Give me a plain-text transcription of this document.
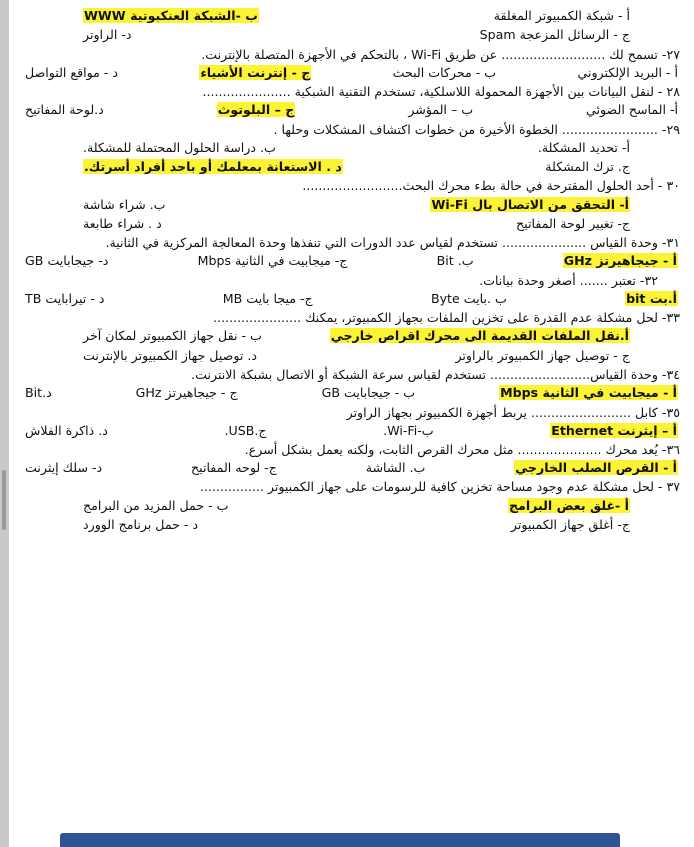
أ - شبكة الكمبيوتر المغلقة
ب -الشبكة العنكبوتية WWW
ج - الرسائل المزعجة Spam
د- الراوتر
٢٧- تسمح لك .......................... عن طريق Wi-Fi ، بالتحكم في الأجهزة المتصلة بالإنترنت.
أ - البريد الإلكتروني
ب - محركات البحث
ج - إنترنت الأشياء
د - مواقع التواصل
٢٨ - لنقل البيانات بين الأجهزة المحمولة اللاسلكية، تستخدم التقنية الشبكية ......................
أ- الماسح الضوئي
ب – المؤشر
ج – البلوتوث
د.لوحة المفاتيح
٢٩- ........................ الخطوة الأخيرة من خطوات اكتشاف المشكلات وحلها .
أ- تحديد المشكلة.
ب. دراسة الحلول المحتملة للمشكلة.
ج. ترك المشكلة
د . الاستعانة بمعلمك أو باحد أفراد أسرتك.
٣٠ - أحد الحلول المقترحة في حالة بطء محرك البحث.........................
أ- التحقق من الاتصال بال Wi-Fi
ب. شراء شاشة
ج- تغيير لوحة المفاتيح
د . شراء طابعة
٣١- وحدة القياس ..................... تستخدم لقياس عدد الدورات التي تنفذها وحدة المعالجة المركزية في الثانية.
أ - جيجاهيرتز GHz
ب. Bit
ج- ميجابيت في الثانية Mbps
د- جيجابايت GB
٣٢- تعتبر ....... أصغر وحدة بيانات.
أ.بت bit
ب .بايت Byte
ج- ميجا بايت MB
د - تيرابايت TB
٣٣- لحل مشكلة عدم القدرة على تخزين الملفات بجهاز الكمبيوتر، يمكنك ......................
أ.نقل الملفات القديمة الى محرك اقراص خارجي
ب - نقل جهاز الكمبيوتر لمكان آخر
ج - توصيل جهاز الكمبيوتر بالراوتر
د. توصيل جهاز الكمبيوتر بالإنترنت
٣٤- وحدة القياس......................... تستخدم لقياس سرعة الشبكة أو الاتصال بشبكة الانترنت.
أ - ميجابيت في الثانية Mbps
ب - جيجابايت GB
ج - جيجاهيرتز GHz
د.Bit
٣٥- كابل ......................... يربط أجهزة الكمبيوتر بجهاز الراوتر
أ – إيثرنت Ethernet
ب-Wi-Fi.
ج.USB.
د. ذاكرة الفلاش
٣٦- يُعد محرك ..................... مثل محرك القرص الثابت، ولكنه يعمل بشكل أسرع.
أ - القرص الصلب الخارجي
ب. الشاشة
ج- لوحه المفاتيح
د- سلك إيثرنت
٣٧ - لحل مشكلة عدم وجود مساحة تخزين كافية للرسومات على جهاز الكمبيوتر ................
أ -غلق بعض البرامج
ب - حمل المزيد من البرامج
ج- أغلق جهاز الكمبيوتر
د - حمل برنامج الوورد
